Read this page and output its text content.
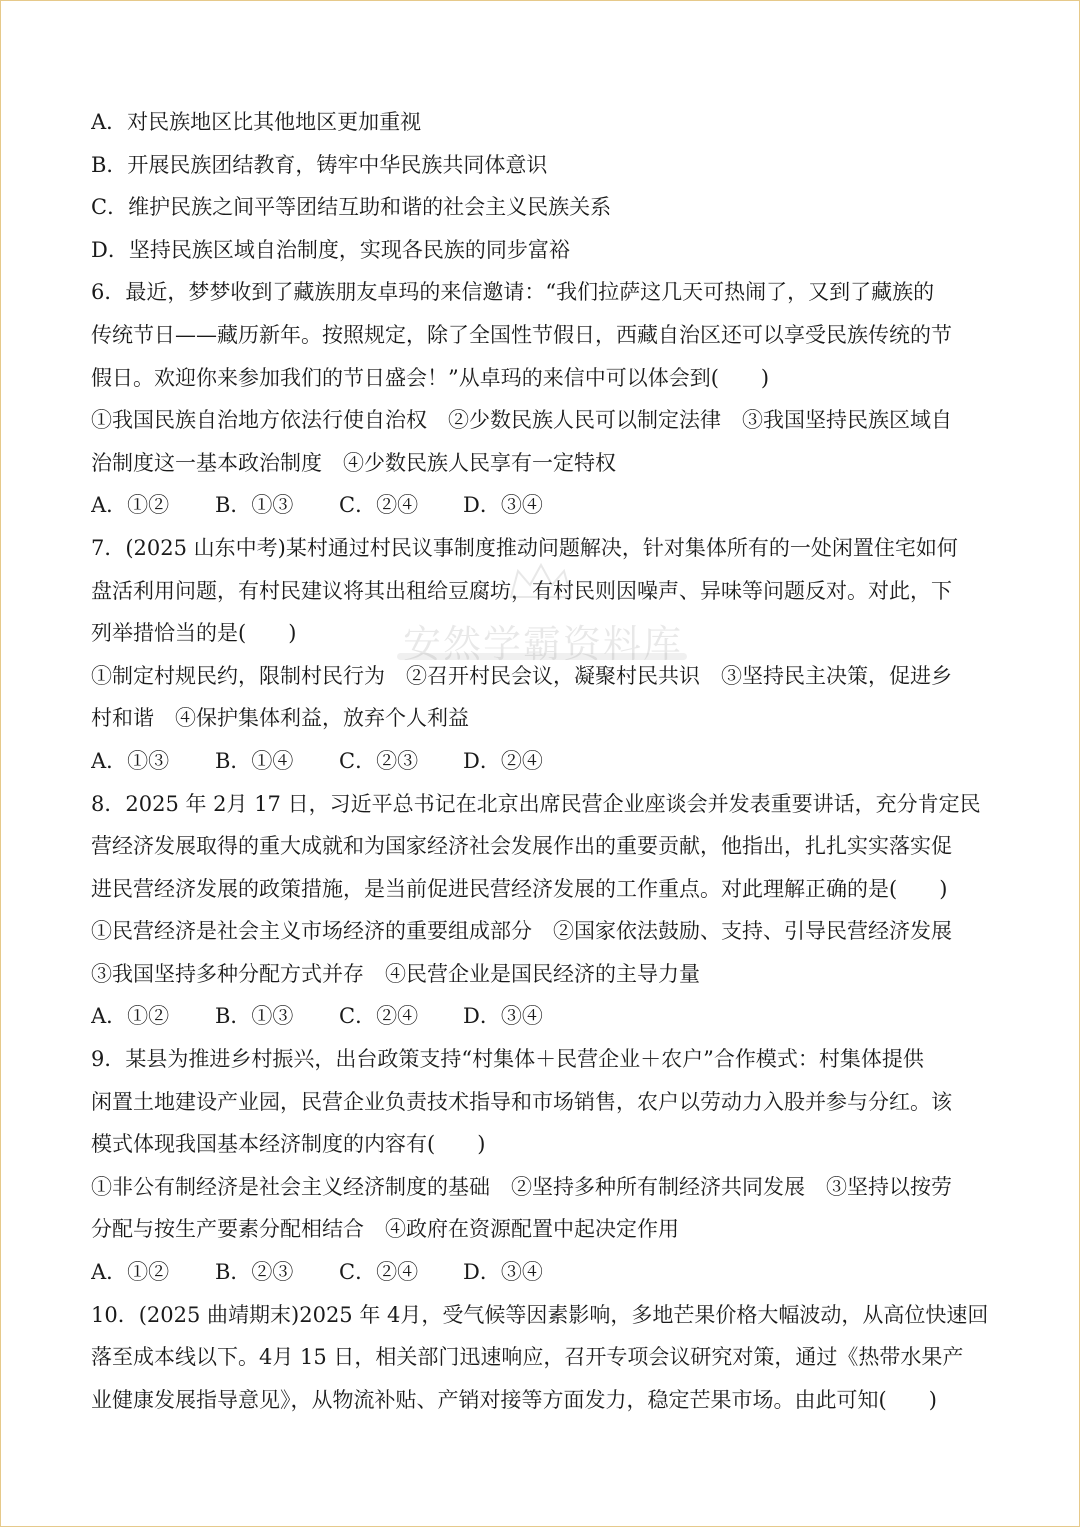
A．对民族地区比其他地区更加重视
B．开展民族团结教育，铸牢中华民族共同体意识
C．维护民族之间平等团结互助和谐的社会主义民族关系
D．坚持民族区域自治制度，实现各民族的同步富裕
6．最近，梦梦收到了藏族朋友卓玛的来信邀请：“我们拉萨这几天可热闹了，又到了藏族的
传统节日——藏历新年。按照规定，除了全国性节假日，西藏自治区还可以享受民族传统的节
假日。欢迎你来参加我们的节日盛会！”从卓玛的来信中可以体会到(　　)
①我国民族自治地方依法行使自治权　②少数民族人民可以制定法律　③我国坚持民族区域自
治制度这一基本政治制度　④少数民族人民享有一定特权
A．①② B．①③ C．②④ D．③④
7．(2025 山东中考)某村通过村民议事制度推动问题解决，针对集体所有的一处闲置住宅如何
盘活利用问题，有村民建议将其出租给豆腐坊，有村民则因噪声、异味等问题反对。对此，下
列举措恰当的是(　　)
①制定村规民约，限制村民行为　②召开村民会议，凝聚村民共识　③坚持民主决策，促进乡
村和谐　④保护集体利益，放弃个人利益
A．①③ B．①④ C．②③ D．②④
8．2025 年 2月 17 日，习近平总书记在北京出席民营企业座谈会并发表重要讲话，充分肯定民
营经济发展取得的重大成就和为国家经济社会发展作出的重要贡献，他指出，扎扎实实落实促
进民营经济发展的政策措施，是当前促进民营经济发展的工作重点。对此理解正确的是(　　)
①民营经济是社会主义市场经济的重要组成部分　②国家依法鼓励、支持、引导民营经济发展
③我国坚持多种分配方式并存　④民营企业是国民经济的主导力量
A．①② B．①③ C．②④ D．③④
9．某县为推进乡村振兴，出台政策支持“村集体＋民营企业＋农户”合作模式：村集体提供
闲置土地建设产业园，民营企业负责技术指导和市场销售，农户以劳动力入股并参与分红。该
模式体现我国基本经济制度的内容有(　　)
①非公有制经济是社会主义经济制度的基础　②坚持多种所有制经济共同发展　③坚持以按劳
分配与按生产要素分配相结合　④政府在资源配置中起决定作用
A．①② B．②③ C．②④ D．③④
10．(2025 曲靖期末)2025 年 4月，受气候等因素影响，多地芒果价格大幅波动，从高位快速回
落至成本线以下。4月 15 日，相关部门迅速响应，召开专项会议研究对策，通过《热带水果产
业健康发展指导意见》，从物流补贴、产销对接等方面发力，稳定芒果市场。由此可知(　　)
安然学霸资料库
